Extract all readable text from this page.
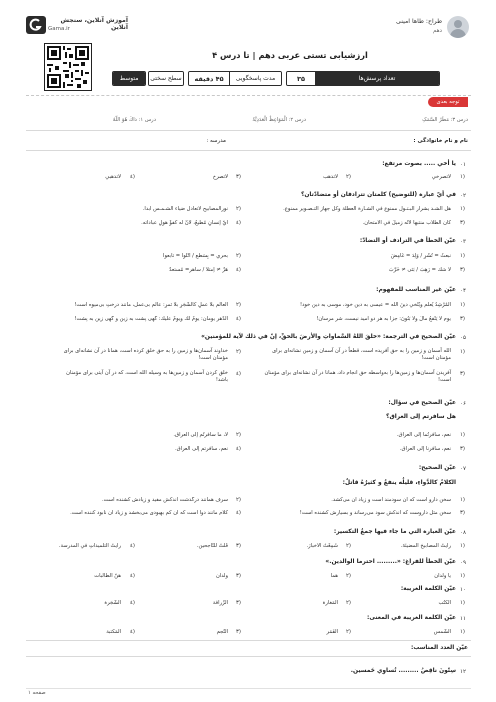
آموزش آنلاین، سنجش آنلاین
Gama.ir
طراح: طاها امینی
دهم
ارزشیابی تستی عربی دهم | تا درس ۴
۳۵	تعداد پرسش‌ها
۴۵ دقیقه	مدت پاسخگویی
سطح سختی
متوسط
توجه بعدی
درس ۳: مَطَرُ السَّمَکِ
درس ۲: الْمَوَاعِظُ الْعَدَدِيَّةُ
درس ۱: ذاكَ هُوَ اللّهُ
نام و نام خانوادگی :
مدرسه :
۰۱
یا أخي ..... بصوت مرتفع:
١)
لاتصرخي
٢)
لاتذهب
٣)
لاتصرخ
٤)
لاتذهبي
۰۲
في أيّ عبارة (للتوضيح) كلمتان تترادفان أو متضادّتان؟
١)
هل الشـد يشرار البـتـول ممنوع في الشـارة العطلة وكل جهاز التـصـوير ممنوع.
٢)
نورالمصابيح لاتعادل ضياء الشـمـس أبداً.
٣)
كان الطلاب منتبهاً لأنّه زميلٌ في الامتحان.
٤)
أيّ إنسانٍ مُطيعٌ، لأنّ لَه كُفؤٌ هولِ عباداته.
۰۳
عيّن الخطأ في الترادف أو التضادّ:
١)
نبعثُ = تُشْرِ / وَلِدَ = غَامِضَ
٢)
بحري = بِسَطع / أَتْلَوا = تابعوا
٣)
لا شكَّ = رَهِبَ / بَنَى ≠ خَرَّبَ
٤)
هَزَّ ≠ اِمتلأ / ساهر= مُستعدّ
۰۴
عيّن غير المناسب للمفهوم:
١)
المُرْشِدُ يُعلّم ويُنْخي دينَ الله = عيسى به دين خود، موسى به دين خود!
٢)
العالم بلا عملٍ كالشَّجَرِ بلا ثمرٍ: عالم بی‌عمل، مانند درختِ بی‌میوه است!
٣)
يوم لا يَنْفعُ مالٌ ولا بَنُونَ: جزا به هر دو امید نیست، شر مرسان!
٤)
الدّهر يومان: يومٌ لك ويومٌ عليك: گهی پشت به زین و گهی زین به پشت!
۰۵
عيّن الصحيح في الترجمة: «خلقَ اللهُ السَّماواتِ والأرضَ بالحقِّ، إنّ في ذلك لآية للمؤمنين»
١)
الله آسمان و زمین را به حق آفریده است، قطعاً در آن آسمان و زمین نشانه‌ای برای مؤمنان است!
٢)
خداوند آسمان‌ها و زمین را به حق خلق کرده است، همانا در آن نشانه‌ای برای مؤمنان است!
٣)
آفریدن آسمان‌ها و زمین‌ها را به‌واسطه حق انجام داد، همانا در آن نشانه‌ای برای مؤمنان است!
٤)
خلق کردن آسمان و زمین‌ها به وسیله الله است، که در آن آیتی برای مؤمنان باشد!
۰۶
عيّن الصحيح في سؤال:
هل سافرتم إلى العراق؟
١)
نعم، سافرتُما إلى العراق.
٢)
لا، ما سافرتُم إلى العراق.
٣)
نعم، سافرنا إلى العراق.
٤)
نعم، سافرتم إلى العراق.
۰۷
عيّن الصحيح:
الكلامُ كالدَّواءِ، قليلُه ينفعُ و كثيرُهُ قاتلٌ:
١)
سخن دارو است که آن سودمند است و زیاد آن می‌کشد.
٢)
سرف همانند درگذشت اندکش مفید و زیادش کشنده است.
٣)
سخن مثل داروست که اندکش سود می‌رساند و بسیارش کشنده است!
٤)
کلام مانند دوا است که آن کم بهبودی می‌بخشد و زیاد آن نابود کننده است.
۰۸
عيّن العبارة التي ما جاء فيها جمعُ التكسير:
١)
رأيتُ المصابيحَ المضيئةَ.
٢)
شَمِعْتُ الأخبارَ.
٣)
قُلْتُ للنّاجحين.
٤)
رأيتُ التلميذاتِ في المدرسة.
۰۹
عيّن الخطأ للفراغ: «......... احترما الوالدين.»
١)
يا ولدان
٢)
هما
٣)
ولدان
٤)
هنّ الطالبات
۱۰
عيّن الكلمة الغريبة:
١)
الكُتُب
٢)
المَغارة
٣)
الزُّرافة
٤)
الشَّجَرة
۱۱
عيّن الكلمة الغريبة في المعنى:
١)
الشَّمس
٢)
القَمَر
٣)
النَّجم
٤)
المَكتبة
عيّن العدد المناسب:
۱۲
سِتّونَ ناقِصُ ......... تُساوِي خَمسين.
صفحه ۱
